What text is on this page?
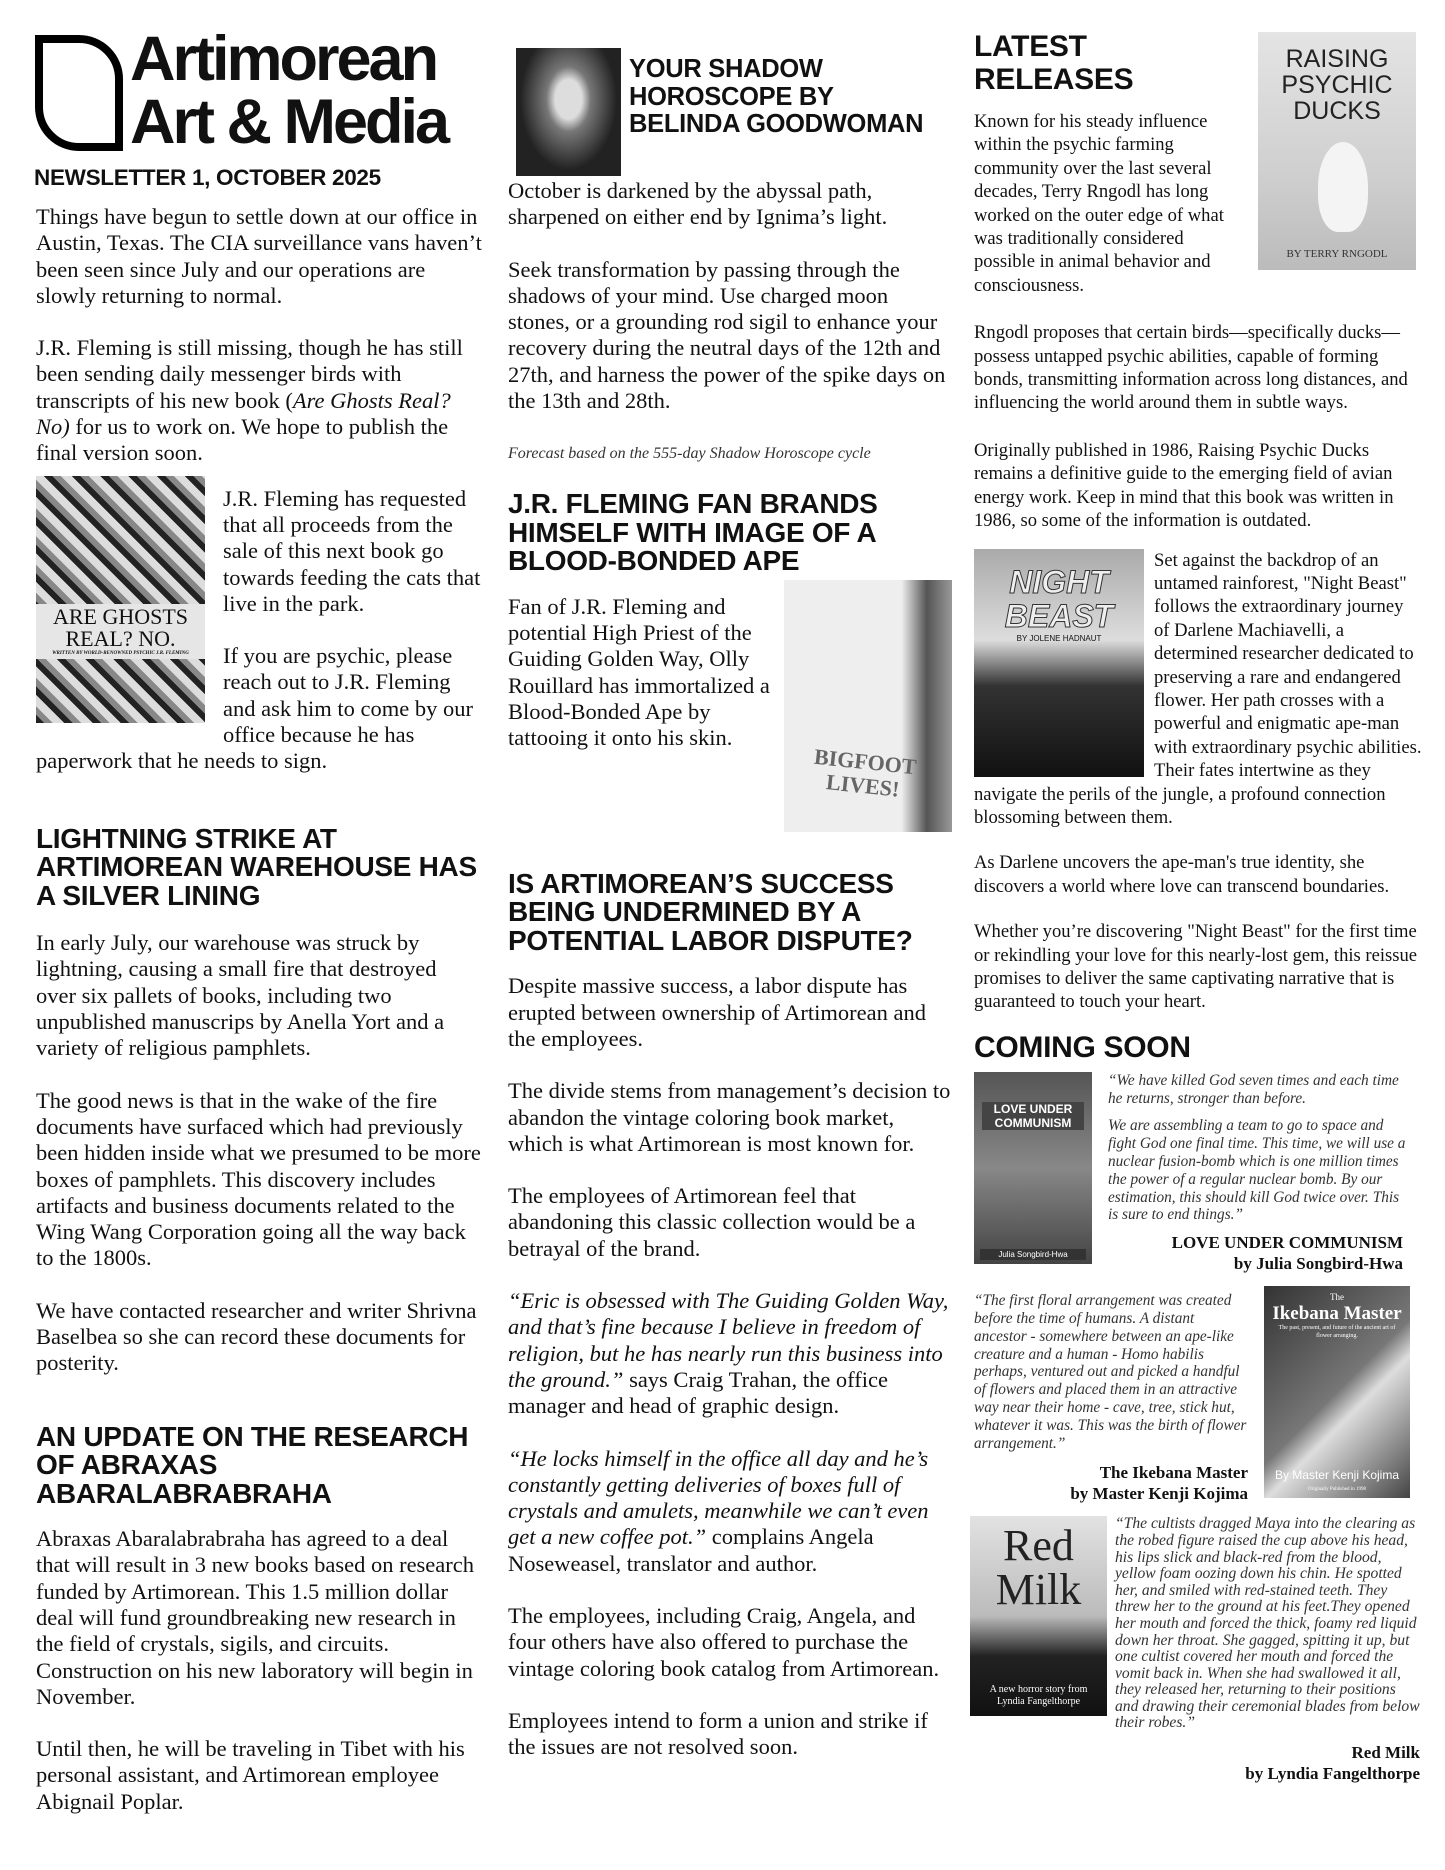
Artimorean
Art & Media
NEWSLETTER 1, OCTOBER 2025

Things have begun to settle down at our office in Austin, Texas. The CIA surveillance vans haven’t been seen since July and our operations are slowly returning to normal.

J.R. Fleming is still missing, though he has still been sending daily messenger birds with transcripts of his new book (Are Ghosts Real? No) for us to work on. We hope to publish the final version soon.

ARE GHOSTS REAL? NO.
WRITTEN BY WORLD-RENOWNED PSYCHIC J.R. FLEMING

J.R. Fleming has requested that all proceeds from the sale of this next book go towards feeding the cats that live in the park.

If you are psychic, please reach out to J.R. Fleming and ask him to come by our office because he has paperwork that he needs to sign.

LIGHTNING STRIKE AT ARTIMOREAN WAREHOUSE HAS A SILVER LINING

In early July, our warehouse was struck by lightning, causing a small fire that destroyed over six pallets of books, including two unpublished manuscrips by Anella Yort and a variety of religious pamphlets.

The good news is that in the wake of the fire documents have surfaced which had previously been hidden inside what we presumed to be more boxes of pamphlets. This discovery includes artifacts and business documents related to the Wing Wang Corporation going all the way back to the 1800s.

We have contacted researcher and writer Shrivna Baselbea so she can record these documents for posterity.

AN UPDATE ON THE RESEARCH OF ABRAXAS ABARALABRABRAHA

Abraxas Abaralabrabraha has agreed to a deal that will result in 3 new books based on research funded by Artimorean. This 1.5 million dollar deal will fund groundbreaking new research in the field of crystals, sigils, and circuits. Construction on his new laboratory will begin in November.

Until then, he will be traveling in Tibet with his personal assistant, and Artimorean employee Abignail Poplar.

YOUR SHADOW HOROSCOPE BY BELINDA GOODWOMAN

October is darkened by the abyssal path, sharpened on either end by Ignima’s light.

Seek transformation by passing through the shadows of your mind. Use charged moon stones, or a grounding rod sigil to enhance your recovery during the neutral days of the 12th and 27th, and harness the power of the spike days on the 13th and 28th.

Forecast based on the 555-day Shadow Horoscope cycle

J.R. FLEMING FAN BRANDS HIMSELF WITH IMAGE OF A BLOOD-BONDED APE
BIGFOOT LIVES!

Fan of J.R. Fleming and potential High Priest of the Guiding Golden Way, Olly Rouillard has immortalized a Blood-Bonded Ape by tattooing it onto his skin.

IS ARTIMOREAN’S SUCCESS BEING UNDERMINED BY A POTENTIAL LABOR DISPUTE?

Despite massive success, a labor dispute has erupted between ownership of Artimorean and the employees.

The divide stems from management’s decision to abandon the vintage coloring book market, which is what Artimorean is most known for.

The employees of Artimorean feel that abandoning this classic collection would be a betrayal of the brand.

“Eric is obsessed with The Guiding Golden Way, and that’s fine because I believe in freedom of religion, but he has nearly run this business into the ground.” says Craig Trahan, the office manager and head of graphic design.

“He locks himself in the office all day and he’s constantly getting deliveries of boxes full of crystals and amulets, meanwhile we can’t even get a new coffee pot.” complains Angela Noseweasel, translator and author.

The employees, including Craig, Angela, and four others have also offered to purchase the vintage coloring book catalog from Artimorean.

Employees intend to form a union and strike if the issues are not resolved soon.

RAISING PSYCHIC DUCKS
BY TERRY RNGODL
LATEST RELEASES

Known for his steady influence within the psychic farming community over the last several decades, Terry Rngodl has long worked on the outer edge of what was traditionally considered possible in animal behavior and consciousness.

Rngodl proposes that certain birds—specifically ducks—possess untapped psychic abilities, capable of forming bonds, transmitting information across long distances, and influencing the world around them in subtle ways.

Originally published in 1986, Raising Psychic Ducks remains a definitive guide to the emerging field of avian energy work. Keep in mind that this book was written in 1986, so some of the information is outdated.

NIGHT BEAST
BY JOLENE HADNAUT

Set against the backdrop of an untamed rainforest, "Night Beast" follows the extraordinary journey of Darlene Machiavelli, a determined researcher dedicated to preserving a rare and endangered flower. Her path crosses with a powerful and enigmatic ape-man with extraordinary psychic abilities. Their fates intertwine as they navigate the perils of the jungle, a profound connection blossoming between them.

As Darlene uncovers the ape-man's true identity, she discovers a world where love can transcend boundaries.

Whether you’re discovering "Night Beast" for the first time or rekindling your love for this nearly-lost gem, this reissue promises to deliver the same captivating narrative that is guaranteed to touch your heart.

COMING SOON
LOVE UNDER COMMUNISM
Julia Songbird-Hwa

“We have killed God seven times and each time he returns, stronger than before.

We are assembling a team to go to space and fight God one final time. This time, we will use a nuclear fusion-bomb which is one million times the power of a regular nuclear bomb. By our estimation, this should kill God twice over. This is sure to end things.”

LOVE UNDER COMMUNISM
by Julia Songbird-Hwa

“The first floral arrangement was created before the time of humans. A distant ancestor - somewhere between an ape-like creature and a human - Homo habilis perhaps, ventured out and picked a handful of flowers and placed them in an attractive way near their home - cave, tree, stick hut, whatever it was. This was the birth of flower arrangement.”

The Ikebana Master
by Master Kenji Kojima
The
Ikebana Master
The past, present, and future of the ancient art of flower arranging.
By Master Kenji Kojima
Originally Published in 1998
Red Milk
A new horror story from Lyndia Fangelthorpe

“The cultists dragged Maya into the clearing as the robed figure raised the cup above his head, his lips slick and black-red from the blood, yellow foam oozing down his chin. He spotted her, and smiled with red-stained teeth. They threw her to the ground at his feet.They opened her mouth and forced the thick, foamy red liquid down her throat. She gagged, spitting it up, but one cultist covered her mouth and forced the vomit back in. When she had swallowed it all, they released her, returning to their positions and drawing their ceremonial blades from below their robes.”

Red Milk
by Lyndia Fangelthorpe
